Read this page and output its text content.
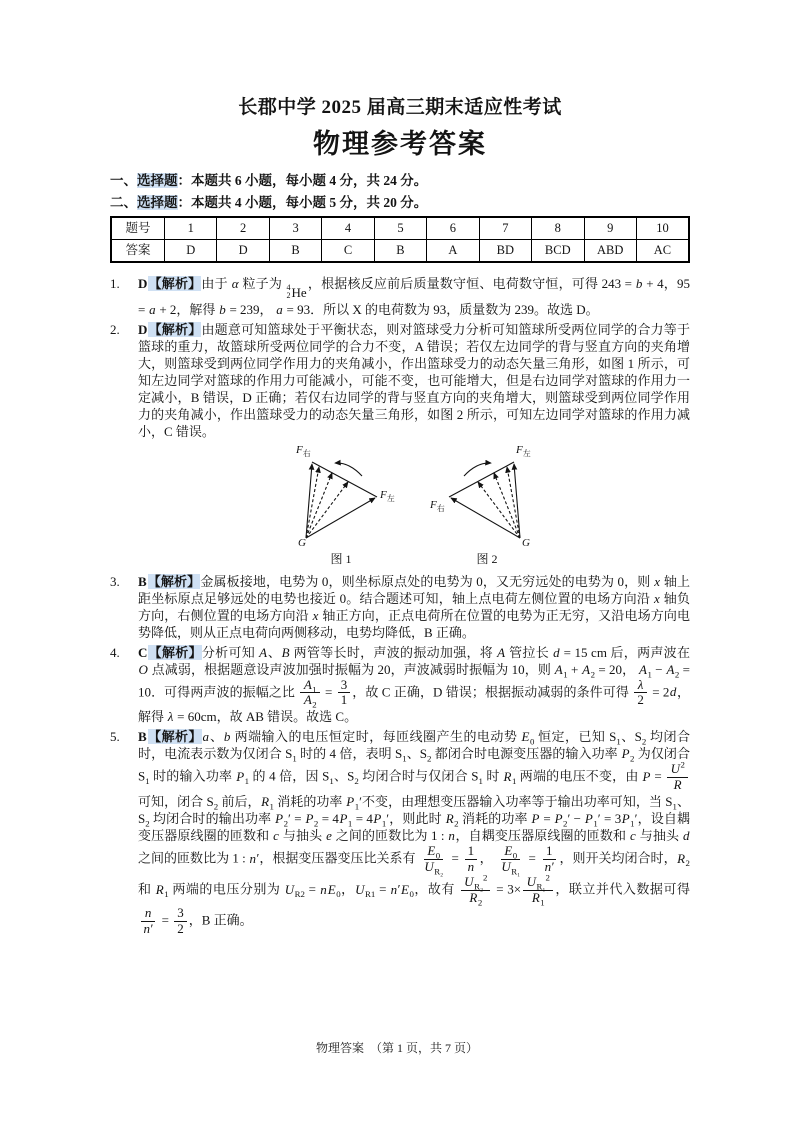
长郡中学 2025 届高三期末适应性考试
物理参考答案

一、选择题：本题共 6 小题，每小题 4 分，共 24 分。

二、选择题：本题共 4 小题，每小题 5 分，共 20 分。

题号	1	2	3	4	5	6	7	8	9	10
答案	D	D	B	C	B	A	BD	BCD	ABD	AC
1.	D【解析】由于 α 粒子为 4
2 He
，根据核反应前后质量数守恒、电荷数守恒，可得 243 = b + 4，95 = a + 2，解得 b = 239， a = 93．所以 X 的电荷数为 93，质量数为 239。故选 D。
2.	D【解析】由题意可知篮球处于平衡状态，则对篮球受力分析可知篮球所受两位同学的合力等于篮球的重力，故篮球所受两位同学的合力不变，A 错误；若仅左边同学的背与竖直方向的夹角增大，则篮球受到两位同学作用力的夹角减小，作出篮球受力的动态矢量三角形，如图 1 所示，可知左边同学对篮球的作用力可能减小，可能不变，也可能增大，但是右边同学对篮球的作用力一定减小，B 错误，D 正确；若仅右边同学的背与竖直方向的夹角增大，则篮球受到两位同学作用力的夹角减小，作出篮球受力的动态矢量三角形，如图 2 所示，可知左边同学对篮球的作用力减小，C 错误。
$F_右$
$F_左$
G
图 1
$F_左$
$F_右$
G
图 2
3.	B【解析】金属板接地，电势为 0，则坐标原点处的电势为 0，又无穷远处的电势为 0，则 x 轴上距坐标原点足够远处的电势也接近 0。结合题述可知，轴上点电荷左侧位置的电场方向沿 x 轴负方向，右侧位置的电场方向沿 x 轴正方向，正点电荷所在位置的电势为正无穷，又沿电场方向电势降低，则从正点电荷向两侧移动，电势均降低，B 正确。
4.	C【解析】分析可知 A、B 两管等长时，声波的振动加强，将 A 管拉长 d = 15 cm 后，两声波在 O 点减弱，根据题意设声波加强时振幅为 20，声波减弱时振幅为 10，则 $A_1 + A_2 = 20$， $A_1 - A_2 = 10$．可得两声波的振幅之比 $\frac{A_1}{A_2} = \frac{3}{1}$ ，故 C 正确，D 错误；根据振动减弱的条件可得 $\frac{\lambda}{2} = 2d$，解得 λ = 60cm，故 AB 错误。故选 C。
5.	B【解析】a、b 两端输入的电压恒定时，每匝线圈产生的电动势 $E_0$ 恒定，已知 $S_1$、$S_2$ 均闭合时，电流表示数为仅闭合 $S_1$ 时的 4 倍，表明 $S_1$、$S_2$ 都闭合时电源变压器的输入功率 $P_2$ 为仅闭合 $S_1$ 时的输入功率 $P_1$ 的 4 倍，因 $S_1$、$S_2$ 均闭合时与仅闭合 $S_1$ 时 $R_1$ 两端的电压不变，由 $P = \frac{U^2}{R}$
可知，闭合 $S_2$ 前后，$R_1$ 消耗的功率 $P_1'$不变，由理想变压器输入功率等于输出功率可知，当 $S_1$、$S_2$ 均闭合时的输出功率 $P_2' = P_2 = 4P_1 = 4P_1'$，则此时 $R_2$ 消耗的功率 $P = P_2' - P_1' = 3P_1'$，设自耦变压器原线圈的匝数和 c 与抽头 e 之间的匝数比为 1 : n，自耦变压器原线圈的匝数和 c 与抽头 d 之间的匝数比为 1 : n′，根据变压器变压比关系有 $\frac{E_0}{U_{R_2}} = \frac{1}{n}$ ， $\frac{E_0}{U_{R_1}} = \frac{1}{n'}$ ，则开关均闭合时，$R_2$ 和 $R_1$ 两端的电压分别为 $U_{R2} = nE_0$，$U_{R1} = n'E_0$，故有 $\frac{U_{R_2}^2}{R_2} = 3\times \frac{U_{R_1}^2}{R_1}$ ，联立并代入数据可得
$\frac{n}{n'} = \frac{3}{2}$ ，B 正确。
物理答案　（第 1 页，共 7 页）
